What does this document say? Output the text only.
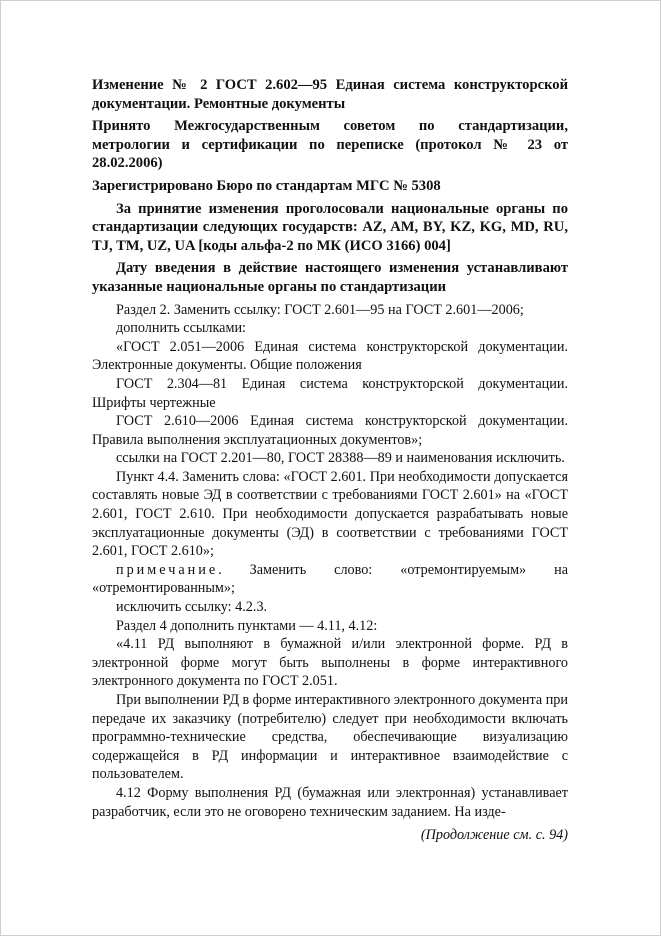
Изменение № 2 ГОСТ 2.602—95 Единая система конструкторской документации. Ремонтные документы

Принято Межгосударственным советом по стандартизации, метрологии и сертификации по переписке (протокол № 23 от 28.02.2006)

Зарегистрировано Бюро по стандартам МГС № 5308

За принятие изменения проголосовали национальные органы по стандартизации следующих государств: AZ, AM, BY, KZ, KG, MD, RU, TJ, TM, UZ, UA [коды альфа-2 по МК (ИСО 3166) 004]

Дату введения в действие настоящего изменения устанавливают указанные национальные органы по стандартизации

Раздел 2. Заменить ссылку: ГОСТ 2.601—95 на ГОСТ 2.601—2006;

дополнить ссылками:

«ГОСТ 2.051—2006 Единая система конструкторской документации. Электронные документы. Общие положения

ГОСТ 2.304—81 Единая система конструкторской документации. Шрифты чертежные

ГОСТ 2.610—2006 Единая система конструкторской документации. Правила выполнения эксплуатационных документов»;

ссылки на ГОСТ 2.201—80, ГОСТ 28388—89 и наименования исключить.

Пункт 4.4. Заменить слова: «ГОСТ 2.601. При необходимости допускается составлять новые ЭД в соответствии с требованиями ГОСТ 2.601» на «ГОСТ 2.601, ГОСТ 2.610. При необходимости допускается разрабатывать новые эксплуатационные документы (ЭД) в соответствии с требованиями ГОСТ 2.601, ГОСТ 2.610»;

примечание. Заменить слово: «отремонтируемым» на «отремонтированным»;

исключить ссылку: 4.2.3.

Раздел 4 дополнить пунктами — 4.11, 4.12:

«4.11 РД выполняют в бумажной и/или электронной форме. РД в электронной форме могут быть выполнены в форме интерактивного электронного документа по ГОСТ 2.051.

При выполнении РД в форме интерактивного электронного документа при передаче их заказчику (потребителю) следует при необходимости включать программно-технические средства, обеспечивающие визуализацию содержащейся в РД информации и интерактивное взаимодействие с пользователем.

4.12 Форму выполнения РД (бумажная или электронная) устанавливает разработчик, если это не оговорено техническим заданием. На изде-

(Продолжение см. с. 94)
